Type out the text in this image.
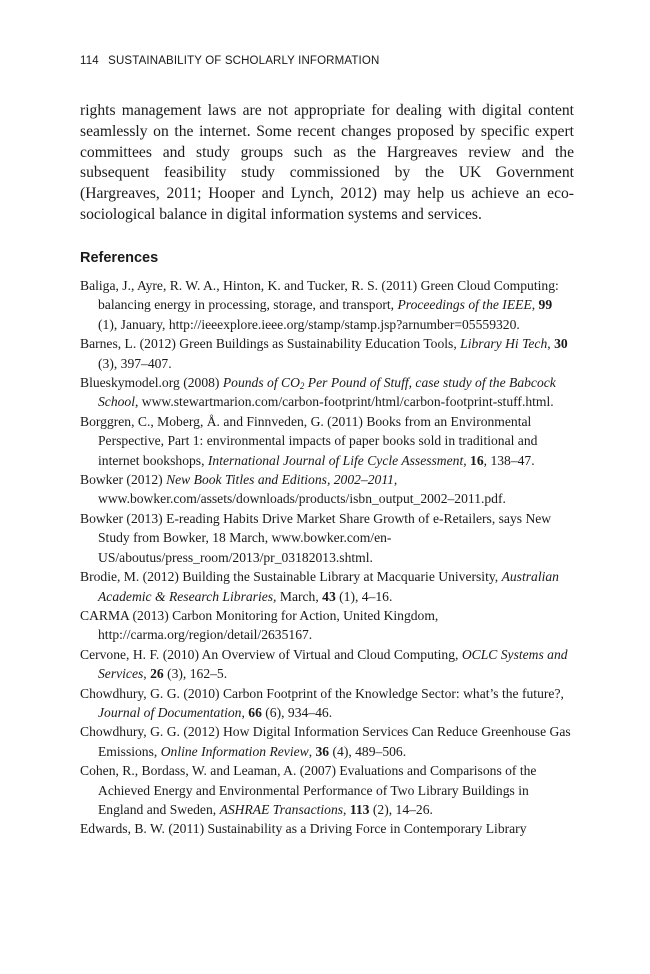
114 SUSTAINABILITY OF SCHOLARLY INFORMATION

rights management laws are not appropriate for dealing with digital content seamlessly on the internet. Some recent changes proposed by specific expert committees and study groups such as the Hargreaves review and the subsequent feasibility study commissioned by the UK Government (Hargreaves, 2011; Hooper and Lynch, 2012) may help us achieve an eco-sociological balance in digital information systems and services.

References
Baliga, J., Ayre, R. W. A., Hinton, K. and Tucker, R. S. (2011) Green Cloud Computing: balancing energy in processing, storage, and transport, Proceedings of the IEEE, 99 (1), January, http://ieeexplore.ieee.org/stamp/stamp.jsp?arnumber=05559320.
Barnes, L. (2012) Green Buildings as Sustainability Education Tools, Library Hi Tech, 30 (3), 397–407.
Blueskymodel.org (2008) Pounds of $CO_2$ Per Pound of Stuff, case study of the Babcock School, www.stewartmarion.com/carbon-footprint/html/carbon-footprint-stuff.html.
Borggren, C., Moberg, Å. and Finnveden, G. (2011) Books from an Environmental Perspective, Part 1: environmental impacts of paper books sold in traditional and internet bookshops, International Journal of Life Cycle Assessment, 16, 138–47.
Bowker (2012) New Book Titles and Editions, 2002–2011, www.bowker.com/assets/downloads/products/isbn_output_2002–2011.pdf.
Bowker (2013) E-reading Habits Drive Market Share Growth of e-Retailers, says New Study from Bowker, 18 March, www.bowker.com/en-US/aboutus/press_room/2013/pr_03182013.shtml.
Brodie, M. (2012) Building the Sustainable Library at Macquarie University, Australian Academic & Research Libraries, March, 43 (1), 4–16.
CARMA (2013) Carbon Monitoring for Action, United Kingdom, http://carma.org/region/detail/2635167.
Cervone, H. F. (2010) An Overview of Virtual and Cloud Computing, OCLC Systems and Services, 26 (3), 162–5.
Chowdhury, G. G. (2010) Carbon Footprint of the Knowledge Sector: what’s the future?, Journal of Documentation, 66 (6), 934–46.
Chowdhury, G. G. (2012) How Digital Information Services Can Reduce Greenhouse Gas Emissions, Online Information Review, 36 (4), 489–506.
Cohen, R., Bordass, W. and Leaman, A. (2007) Evaluations and Comparisons of the Achieved Energy and Environmental Performance of Two Library Buildings in England and Sweden, ASHRAE Transactions, 113 (2), 14–26.
Edwards, B. W. (2011) Sustainability as a Driving Force in Contemporary Library
